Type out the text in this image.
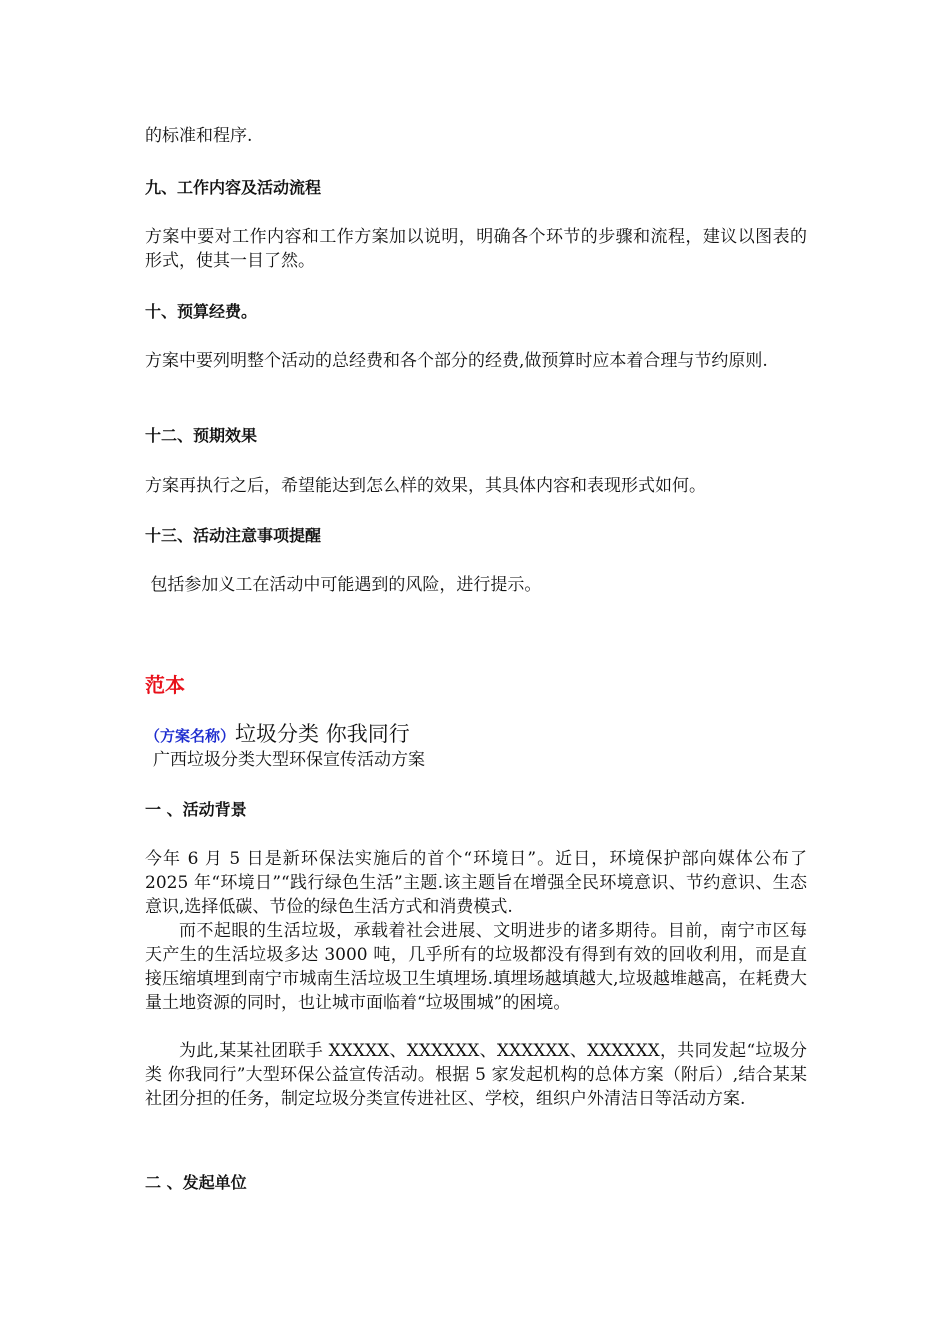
的标准和程序.

九、工作内容及活动流程

方案中要对工作内容和工作方案加以说明，明确各个环节的步骤和流程，建议以图表的形式，使其一目了然。

十、预算经费。

方案中要列明整个活动的总经费和各个部分的经费,做预算时应本着合理与节约原则.

十二、预期效果

方案再执行之后，希望能达到怎么样的效果，其具体内容和表现形式如何。

十三、活动注意事项提醒

包括参加义工在活动中可能遇到的风险，进行提示。

范本

（方案名称）垃圾分类 你我同行

广西垃圾分类大型环保宣传活动方案

一 、活动背景

今年 6 月 5 日是新环保法实施后的首个“环境日”。近日，环境保护部向媒体公布了 2025 年“环境日”“践行绿色生活”主题.该主题旨在增强全民环境意识、节约意识、生态意识,选择低碳、节俭的绿色生活方式和消费模式.

而不起眼的生活垃圾，承载着社会进展、文明进步的诸多期待。目前，南宁市区每天产生的生活垃圾多达 3000 吨，几乎所有的垃圾都没有得到有效的回收利用，而是直接压缩填埋到南宁市城南生活垃圾卫生填埋场.填埋场越填越大,垃圾越堆越高，在耗费大量土地资源的同时，也让城市面临着“垃圾围城”的困境。

为此,某某社团联手 XXXXX、XXXXXX、XXXXXX、XXXXXX，共同发起“垃圾分类 你我同行”大型环保公益宣传活动。根据 5 家发起机构的总体方案（附后）,结合某某社团分担的任务，制定垃圾分类宣传进社区、学校，组织户外清洁日等活动方案.

二 、发起单位
